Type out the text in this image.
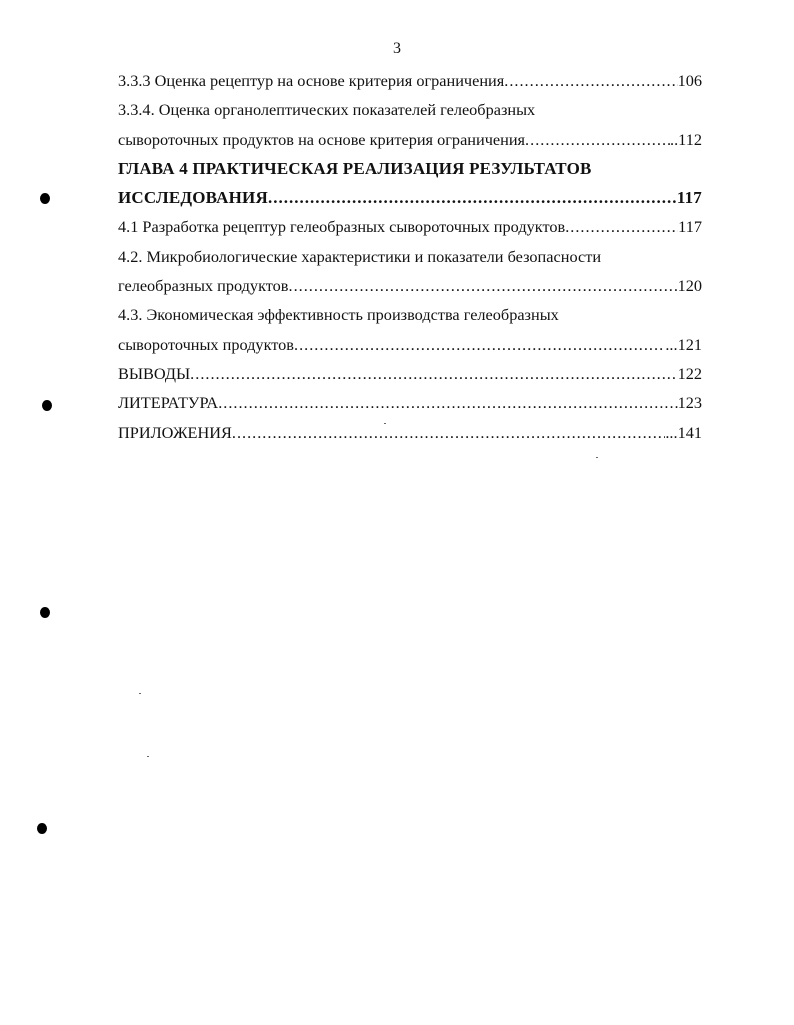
3
3.3.3 Оценка рецептур на основе критерия ограничения .....	106
3.3.4. Оценка органолептических показателей гелеобразных
сывороточных продуктов на основе критерия ограничения .....	..112
ГЛАВА 4 ПРАКТИЧЕСКАЯ РЕАЛИЗАЦИЯ РЕЗУЛЬТАТОВ
ИССЛЕДОВАНИЯ .....	117
4.1 Разработка рецептур гелеобразных сывороточных продуктов .....	117
4.2. Микробиологические характеристики и показатели безопасности
гелеобразных продуктов .....	120
4.3. Экономическая эффективность производства гелеобразных
сывороточных продуктов .....	...121
ВЫВОДЫ .....	122
ЛИТЕРАТУРА .....	123
ПРИЛОЖЕНИЯ .....	...141
